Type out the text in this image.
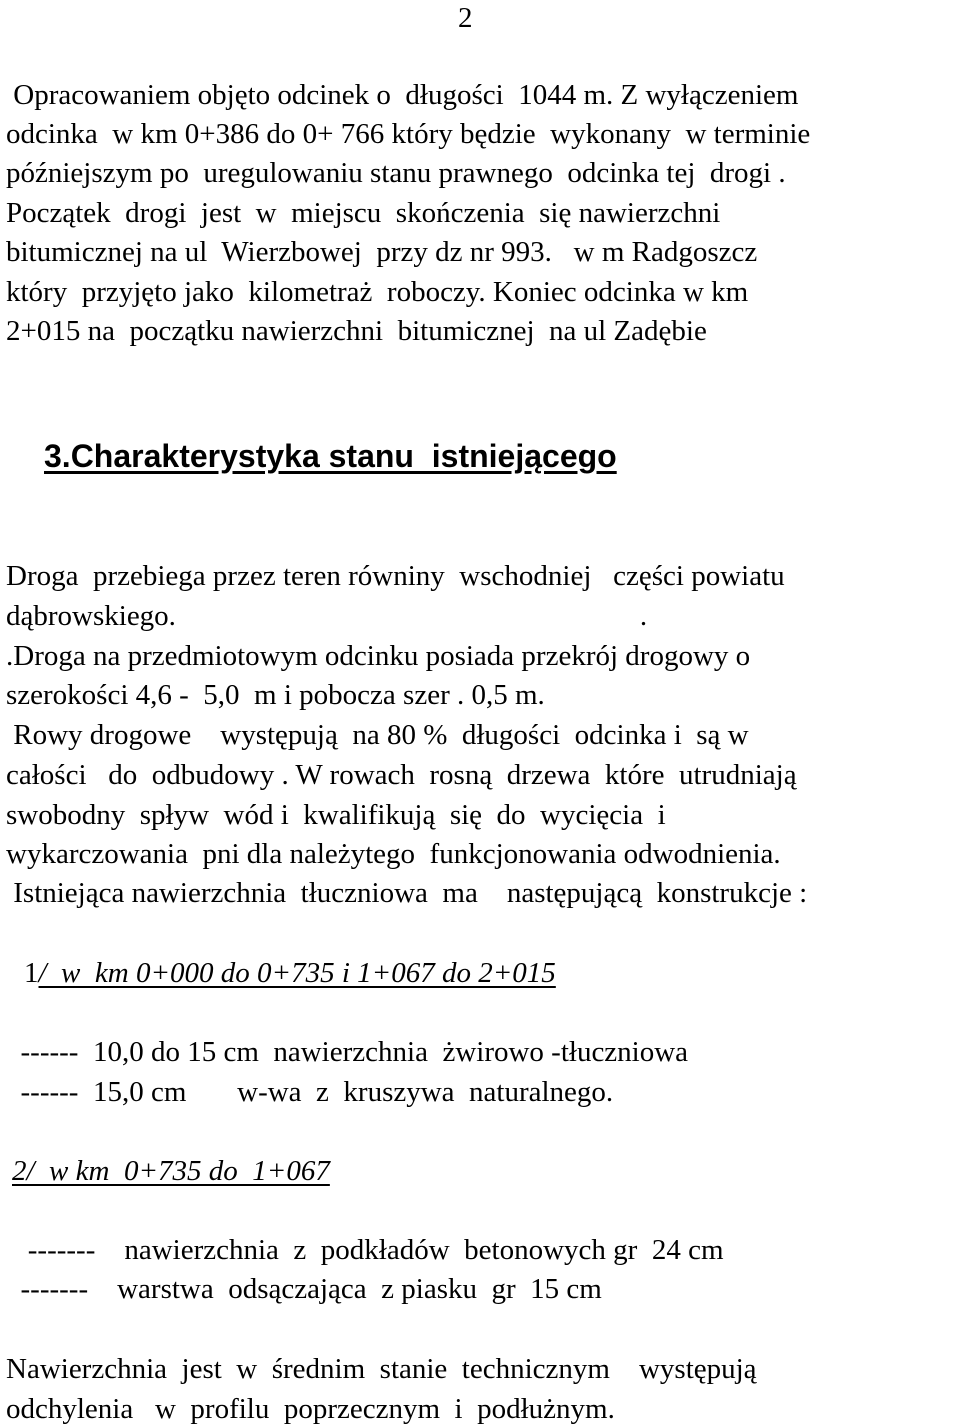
2
Opracowaniem objęto odcinek o  długości  1044 m. Z wyłączeniem
odcinka  w km 0+386 do 0+ 766 który będzie  wykonany  w terminie
późniejszym po  uregulowaniu stanu prawnego  odcinka tej  drogi .
Początek  drogi  jest  w  miejscu  skończenia  się nawierzchni
bitumicznej na ul  Wierzbowej  przy dz nr 993.   w m Radgoszcz
który  przyjęto jako  kilometraż  roboczy. Koniec odcinka w km
2+015 na  początku nawierzchni  bitumicznej  na ul Zadębie
3.Charakterystyka stanu  istniejącego
Droga  przebiega przez teren równiny  wschodniej   części powiatu
dąbrowskiego.                                                                .
.Droga na przedmiotowym odcinku posiada przekrój drogowy o
szerokości 4,6 -  5,0  m i pobocza szer . 0,5 m.
Rowy drogowe    występują  na 80 %  długości  odcinka i  są w
całości   do  odbudowy . W rowach  rosną  drzewa  które  utrudniają
swobodny  spływ  wód i  kwalifikują  się  do  wycięcia  i
wykarczowania  pni dla należytego  funkcjonowania odwodnienia.
Istniejąca nawierzchnia  tłuczniowa  ma    następującą  konstrukcje :
1/  w  km 0+000 do 0+735 i 1+067 do 2+015
------  10,0 do 15 cm  nawierzchnia  żwirowo -tłuczniowa
------  15,0 cm       w-wa  z  kruszywa  naturalnego.
2/  w km  0+735 do  1+067
-------    nawierzchnia  z  podkładów  betonowych gr  24 cm
-------    warstwa  odsączająca  z piasku  gr  15 cm
Nawierzchnia  jest  w  średnim  stanie  technicznym    występują
odchylenia   w  profilu  poprzecznym  i  podłużnym.
